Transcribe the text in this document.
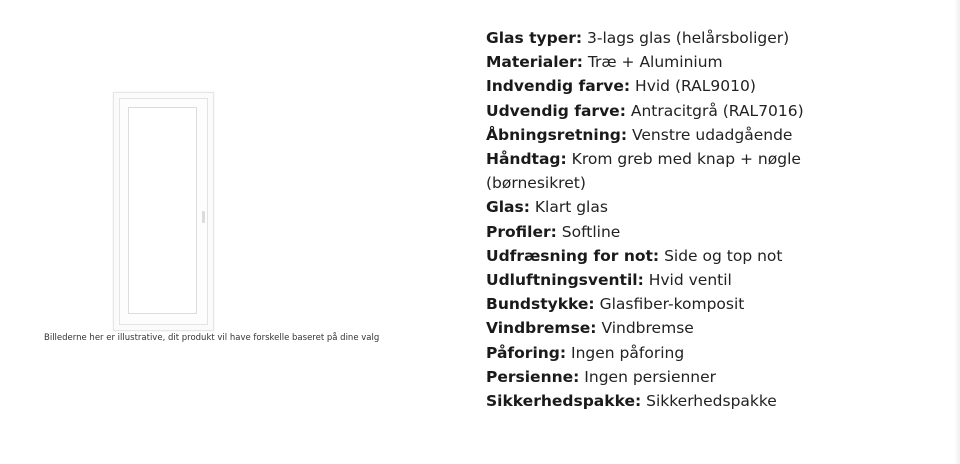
Billederne her er illustrative, dit produkt vil have forskelle baseret på dine valg
Glas typer: 3-lags glas (helårsboliger)
Materialer: Træ + Aluminium
Indvendig farve: Hvid (RAL9010)
Udvendig farve: Antracitgrå (RAL7016)
Åbningsretning: Venstre udadgående
Håndtag: Krom greb med knap + nøgle (børnesikret)
Glas: Klart glas
Profiler: Softline
Udfræsning for not: Side og top not
Udluftningsventil: Hvid ventil
Bundstykke: Glasfiber-komposit
Vindbremse: Vindbremse
Påforing: Ingen påforing
Persienne: Ingen persienner
Sikkerhedspakke: Sikkerhedspakke
